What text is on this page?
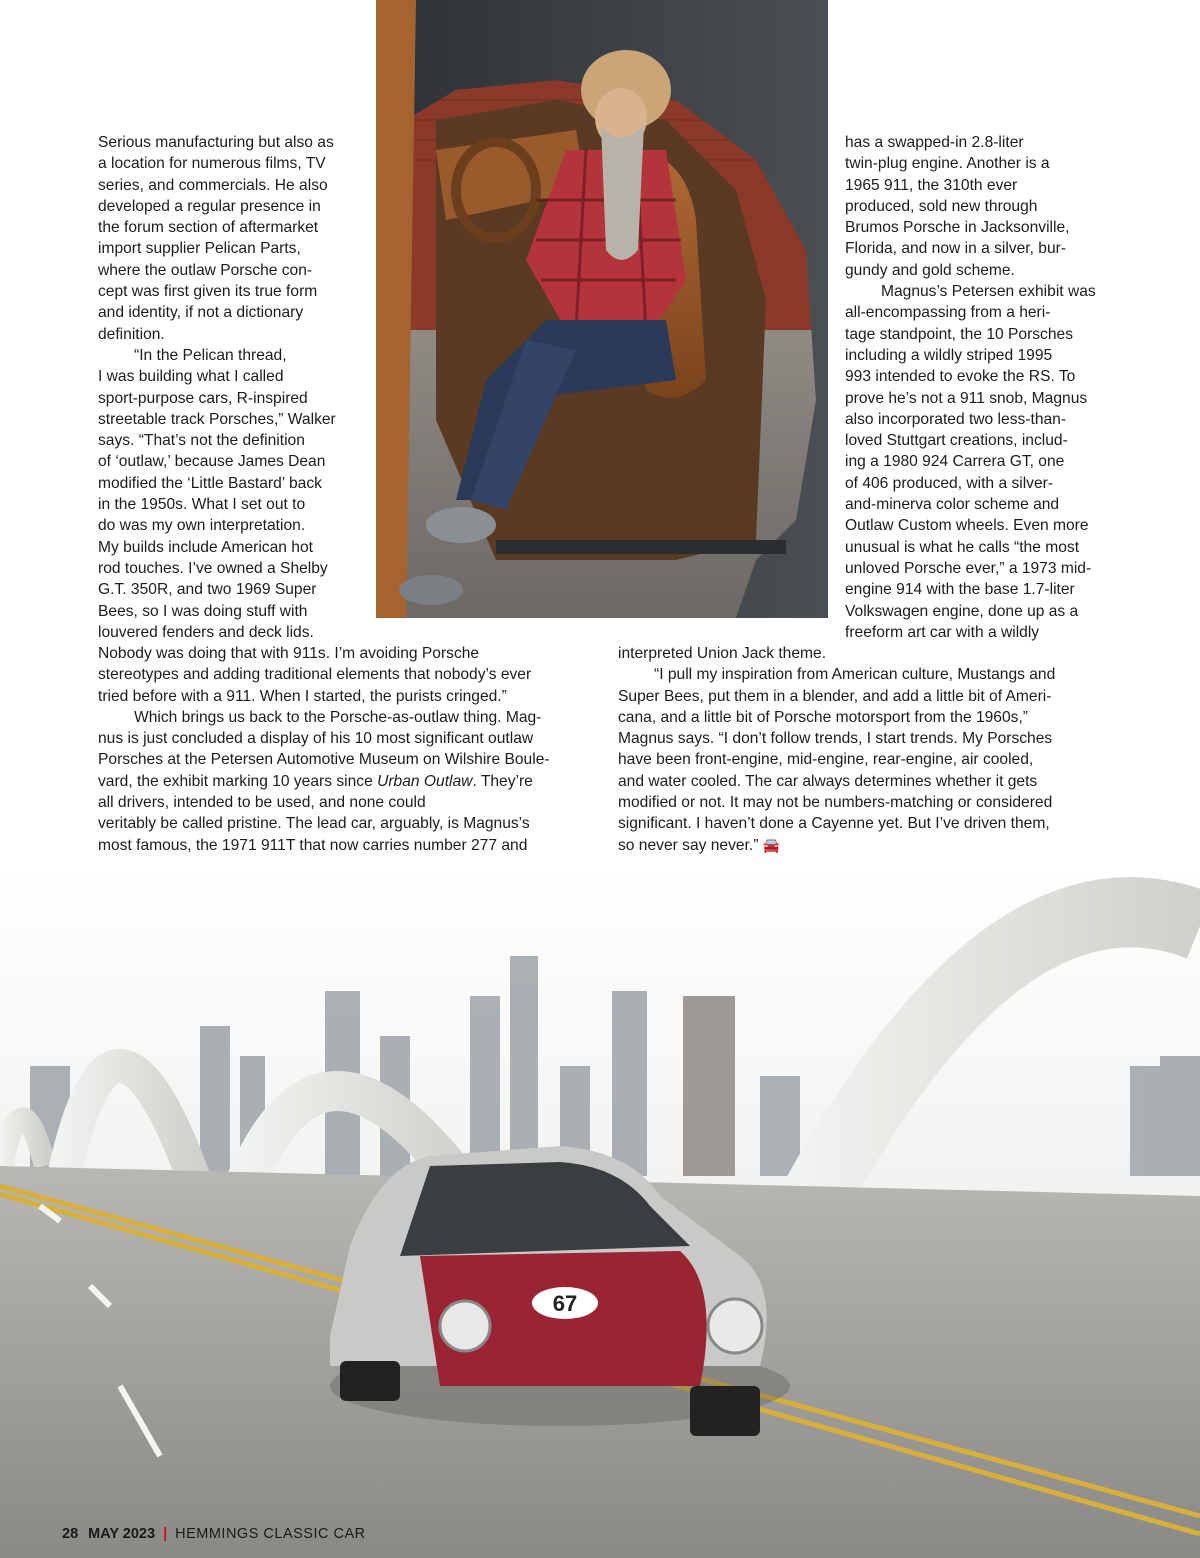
Serious manufacturing but also as
a location for numerous films, TV
series, and commercials. He also
developed a regular presence in
the forum section of aftermarket
import supplier Pelican Parts,
where the outlaw Porsche con-
cept was first given its true form
and identity, if not a dictionary
definition.
“In the Pelican thread,
I was building what I called
sport-purpose cars, R-inspired
streetable track Porsches,” Walker
says. “That’s not the definition
of ‘outlaw,’ because James Dean
modified the ‘Little Bastard’ back
in the 1950s. What I set out to
do was my own interpretation.
My builds include American hot
rod touches. I’ve owned a Shelby
G.T. 350R, and two 1969 Super
Bees, so I was doing stuff with
louvered fenders and deck lids.
Nobody was doing that with 911s. I’m avoiding Porsche
stereotypes and adding traditional elements that nobody’s ever
tried before with a 911. When I started, the purists cringed.”
Which brings us back to the Porsche-as-outlaw thing. Mag-
nus is just concluded a display of his 10 most significant outlaw
Porsches at the Petersen Automotive Museum on Wilshire Boule-
vard, the exhibit marking 10 years since Urban Outlaw. They’re
all drivers, intended to be used, and none could
veritably be called pristine. The lead car, arguably, is Magnus’s
most famous, the 1971 911T that now carries number 277 and
has a swapped-in 2.8-liter
twin-plug engine. Another is a
1965 911, the 310th ever
produced, sold new through
Brumos Porsche in Jacksonville,
Florida, and now in a silver, bur-
gundy and gold scheme.
Magnus’s Petersen exhibit was
all-encompassing from a heri-
tage standpoint, the 10 Porsches
including a wildly striped 1995
993 intended to evoke the RS. To
prove he’s not a 911 snob, Magnus
also incorporated two less-than-
loved Stuttgart creations, includ-
ing a 1980 924 Carrera GT, one
of 406 produced, with a silver-
and-minerva color scheme and
Outlaw Custom wheels. Even more
unusual is what he calls “the most
unloved Porsche ever,” a 1973 mid-
engine 914 with the base 1.7-liter
Volkswagen engine, done up as a
freeform art car with a wildly
interpreted Union Jack theme.
“I pull my inspiration from American culture, Mustangs and
Super Bees, put them in a blender, and add a little bit of Ameri-
cana, and a little bit of Porsche motorsport from the 1960s,”
Magnus says. “I don’t follow trends, I start trends. My Porsches
have been front-engine, mid-engine, rear-engine, air cooled,
and water cooled. The car always determines whether it gets
modified or not. It may not be numbers-matching or considered
significant. I haven’t done a Cayenne yet. But I’ve driven them,
so never say never.” 🚘
67
28 MAY 2023 | HEMMINGS CLASSIC CAR
